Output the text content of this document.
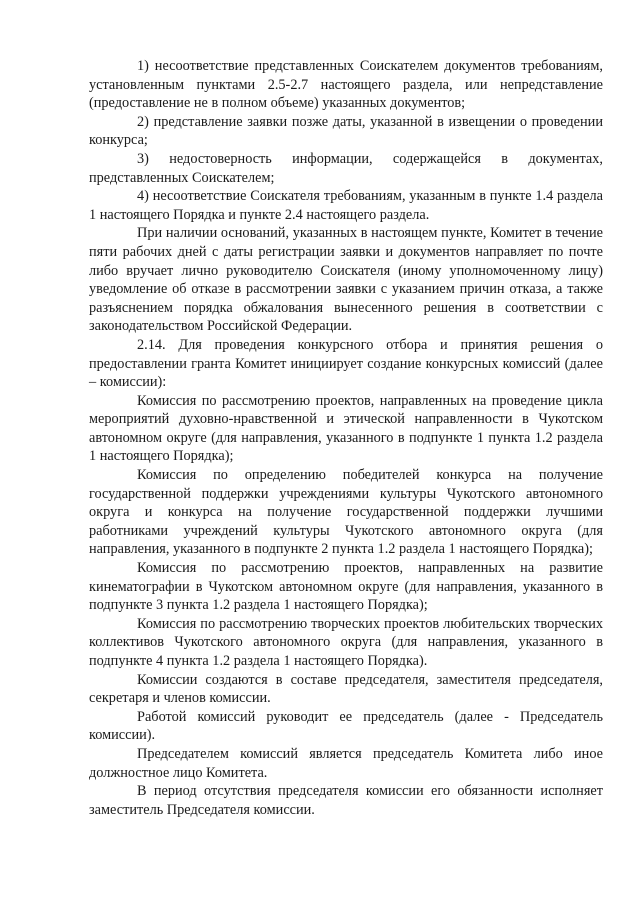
1) несоответствие представленных Соискателем документов требованиям, установленным пунктами 2.5-2.7 настоящего раздела, или непредставление (предоставление не в полном объеме) указанных документов;

2) представление заявки позже даты, указанной в извещении о проведении конкурса;

3) недостоверность информации, содержащейся в документах, представленных Соискателем;

4) несоответствие Соискателя требованиям, указанным в пункте 1.4 раздела 1 настоящего Порядка и пункте 2.4 настоящего раздела.

При наличии оснований, указанных в настоящем пункте, Комитет в течение пяти рабочих дней с даты регистрации заявки и документов направляет по почте либо вручает лично руководителю Соискателя (иному уполномоченному лицу) уведомление об отказе в рассмотрении заявки с указанием причин отказа, а также разъяснением порядка обжалования вынесенного решения в соответствии с законодательством Российской Федерации.

2.14. Для проведения конкурсного отбора и принятия решения о предоставлении гранта Комитет инициирует создание конкурсных комиссий (далее – комиссии):

Комиссия по рассмотрению проектов, направленных на проведение цикла мероприятий духовно-нравственной и этической направленности в Чукотском автономном округе (для направления, указанного в подпункте 1 пункта 1.2 раздела 1 настоящего Порядка);

Комиссия по определению победителей конкурса на получение государственной поддержки учреждениями культуры Чукотского автономного округа и конкурса на получение государственной поддержки лучшими работниками учреждений культуры Чукотского автономного округа (для направления, указанного в подпункте 2 пункта 1.2 раздела 1 настоящего Порядка);

Комиссия по рассмотрению проектов, направленных на развитие кинематографии в Чукотском автономном округе (для направления, указанного в подпункте 3 пункта 1.2 раздела 1 настоящего Порядка);

Комиссия по рассмотрению творческих проектов любительских творческих коллективов Чукотского автономного округа (для направления, указанного в подпункте 4 пункта 1.2 раздела 1 настоящего Порядка).

Комиссии создаются в составе председателя, заместителя председателя, секретаря и членов комиссии.

Работой комиссий руководит ее председатель (далее - Председатель комиссии).

Председателем комиссий является председатель Комитета либо иное должностное лицо Комитета.

В период отсутствия председателя комиссии его обязанности исполняет заместитель Председателя комиссии.
